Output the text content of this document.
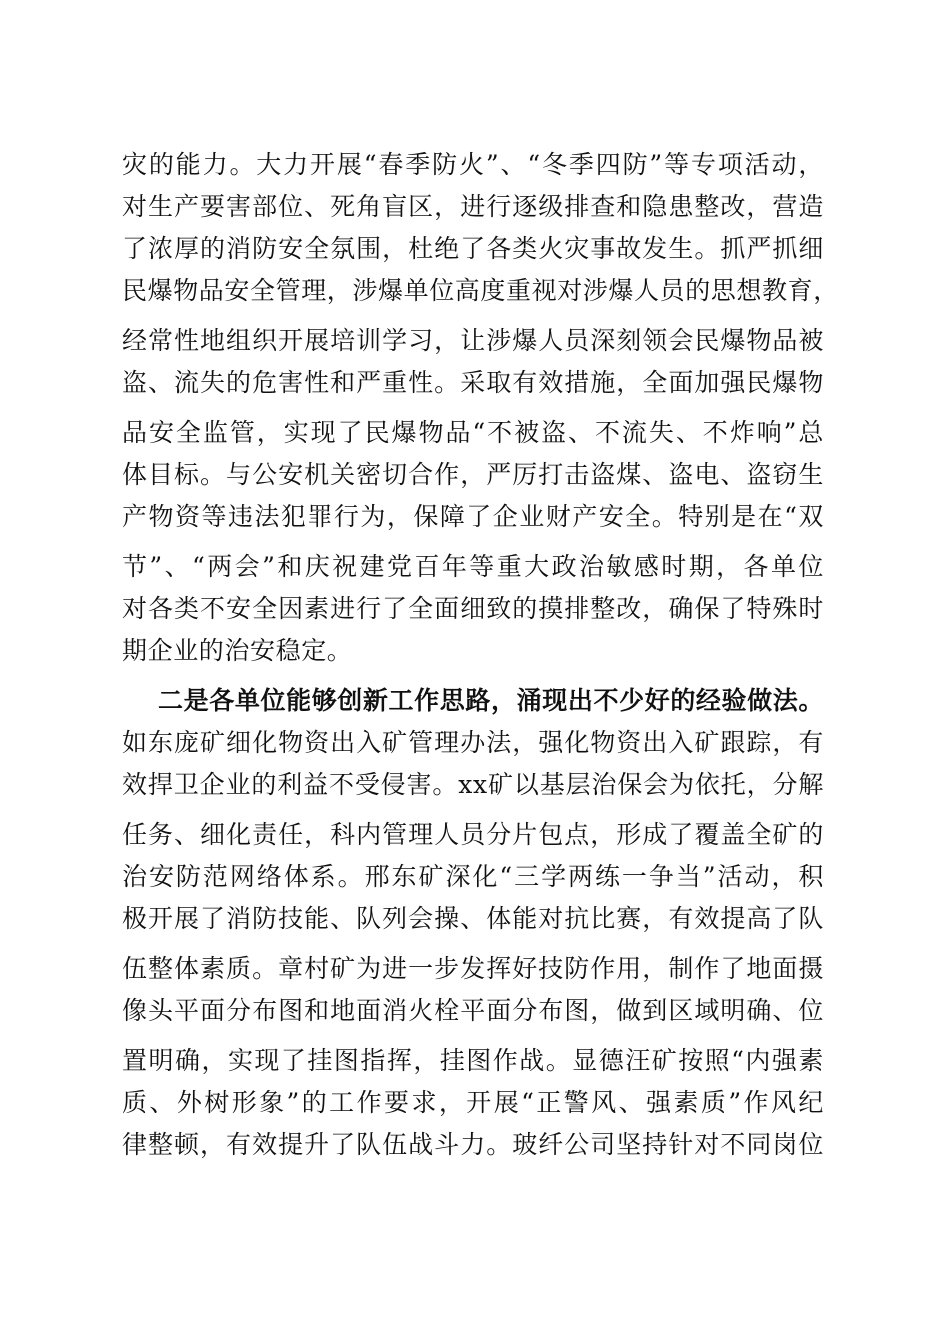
灾的能力。大力开展“春季防火”、“冬季四防”等专项活动，
对生产要害部位、死角盲区，进行逐级排查和隐患整改，营造
了浓厚的消防安全氛围，杜绝了各类火灾事故发生。抓严抓细
民爆物品安全管理，涉爆单位高度重视对涉爆人员的思想教育，
经常性地组织开展培训学习，让涉爆人员深刻领会民爆物品被
盗、流失的危害性和严重性。采取有效措施，全面加强民爆物
品安全监管，实现了民爆物品“不被盗、不流失、不炸响”总
体目标。与公安机关密切合作，严厉打击盗煤、盗电、盗窃生
产物资等违法犯罪行为，保障了企业财产安全。特别是在“双
节”、“两会”和庆祝建党百年等重大政治敏感时期，各单位
对各类不安全因素进行了全面细致的摸排整改，确保了特殊时
期企业的治安稳定。
二是各单位能够创新工作思路，涌现出不少好的经验做法。
如东庞矿细化物资出入矿管理办法，强化物资出入矿跟踪，有
效捍卫企业的利益不受侵害。xx矿以基层治保会为依托，分解
任务、细化责任，科内管理人员分片包点，形成了覆盖全矿的
治安防范网络体系。邢东矿深化“三学两练一争当”活动，积
极开展了消防技能、队列会操、体能对抗比赛，有效提高了队
伍整体素质。章村矿为进一步发挥好技防作用，制作了地面摄
像头平面分布图和地面消火栓平面分布图，做到区域明确、位
置明确，实现了挂图指挥，挂图作战。显德汪矿按照“内强素
质、外树形象”的工作要求，开展“正警风、强素质”作风纪
律整顿，有效提升了队伍战斗力。玻纤公司坚持针对不同岗位
